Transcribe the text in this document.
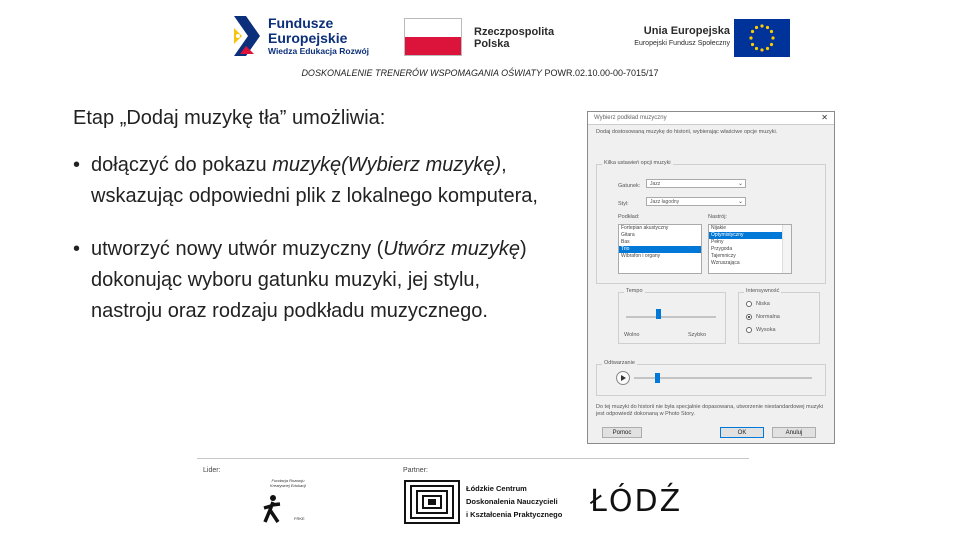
Fundusze
Europejskie
Wiedza Edukacja Rozwój
Rzeczpospolita
Polska
Unia Europejska
Europejski Fundusz Społeczny
DOSKONALENIE TRENERÓW WSPOMAGANIA OŚWIATY POWR.02.10.00-00-7015/17
Etap „Dodaj muzykę tła” umożliwia:
• dołączyć do pokazu muzykę(Wybierz muzykę), wskazując odpowiedni plik z lokalnego komputera,
• utworzyć nowy utwór muzyczny (Utwórz muzykę) dokonując wyboru gatunku muzyki, jej stylu, nastroju oraz rodzaju podkładu muzycznego.
Wybierz podkład muzyczny	✕
Dodaj dostosowaną muzykę do historii, wybierając właściwe opcje muzyki.
Kilka ustawień opcji muzyki
Gatunek:	Jazz	⌄
Styl:	Jazz łagodny	⌄
Podkład:
Fortepian akustyczny
Gitara
Bas
Trio
Wibrafon i organy
Nastrój:
Nijakie
Optymistyczny
Pełny
Przygoda
Tajemniczy
Wzruszająca
Tempo
Wolno	Szybko
Intensywność
Niska
Normalna
Wysoka
Odtwarzanie
Do tej muzyki do historii nie była specjalnie dopasowana, utworzenie niestandardowej muzyki jest odpowiedź dokonaną w Photo Story.
Pomoc	OK	Anuluj
Lider:	Partner:
Fundacja Rozwoju Kreatywnej Edukacji
FRKE
Łódzkie Centrum
Doskonalenia Nauczycieli
i Kształcenia Praktycznego ŁÓDŹ
